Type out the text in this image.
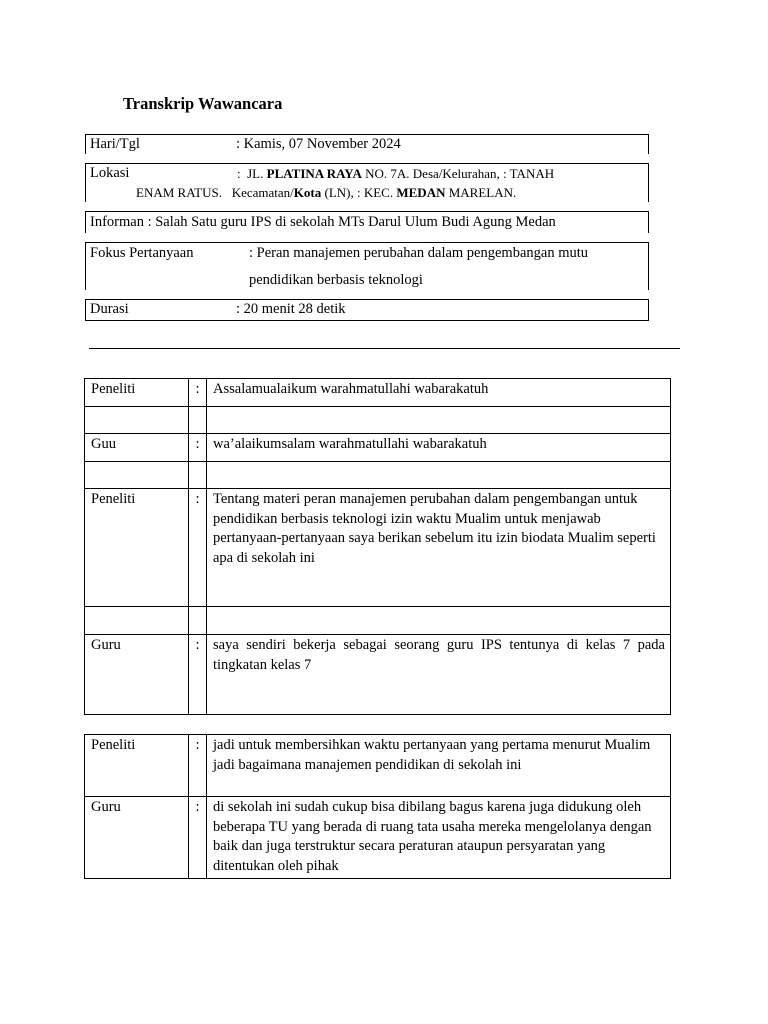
Transkrip Wawancara
Hari/Tgl	: Kamis, 07 November 2024
Lokasi	: JL. PLATINA RAYA NO. 7A. Desa/Kelurahan, : TANAH
ENAM RATUS. Kecamatan/Kota (LN), : KEC. MEDAN MARELAN.
Informan : Salah Satu guru IPS di sekolah MTs Darul Ulum Budi Agung Medan
Fokus Pertanyaan	: Peran manajemen perubahan dalam pengembangan mutu
pendidikan berbasis teknologi
Durasi	: 20 menit 28 detik
Peneliti	:	Assalamualaikum warahmatullahi wabarakatuh

Guu	:	wa’alaikumsalam warahmatullahi wabarakatuh

Peneliti	:	Tentang materi peran manajemen perubahan dalam pengembangan untuk pendidikan berbasis teknologi izin waktu Mualim untuk menjawab pertanyaan-pertanyaan saya berikan sebelum itu izin biodata Mualim seperti apa di sekolah ini

Guru	:	saya sendiri bekerja sebagai seorang guru IPS tentunya di kelas 7 pada tingkatan kelas 7
Peneliti	:	jadi untuk membersihkan waktu pertanyaan yang pertama menurut Mualim jadi bagaimana manajemen pendidikan di sekolah ini
Guru	:	di sekolah ini sudah cukup bisa dibilang bagus karena juga didukung oleh beberapa TU yang berada di ruang tata usaha mereka mengelolanya dengan baik dan juga terstruktur secara peraturan ataupun persyaratan yang ditentukan oleh pihak
